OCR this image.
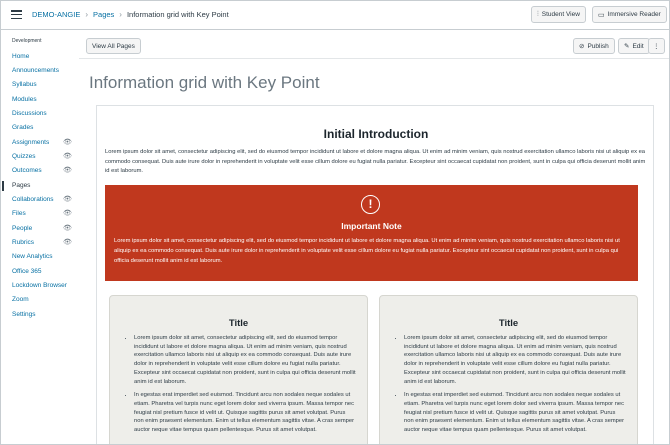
DEMO-ANGIE › Pages › Information grid with Key Point	⫶ Student View	▭ Immersive Reader
Development
Home
Announcements
Syllabus
Modules
Discussions
Grades
Assignments 👁
Quizzes	👁
Outcomes	👁
Pages
Collaborations 👁
Files	👁
People	👁
Rubrics	👁
New Analytics
Office 365
Lockdown Browser
Zoom
Settings
View All Pages	⊘ Publish ✎ Edit	⋮
Information grid with Key Point
Initial Introduction
Lorem ipsum dolor sit amet, consectetur adipiscing elit, sed do eiusmod tempor incididunt ut labore et dolore magna aliqua. Ut enim ad minim veniam, quis nostrud exercitation ullamco laboris nisi ut aliquip ex ea commodo consequat. Duis aute irure dolor in reprehenderit in voluptate velit esse cillum dolore eu fugiat nulla pariatur. Excepteur sint occaecat cupidatat non proident, sunt in culpa qui officia deserunt mollit anim id est laborum.
!
Important Note
Lorem ipsum dolor sit amet, consectetur adipiscing elit, sed do eiusmod tempor incididunt ut labore et dolore magna aliqua. Ut enim ad minim veniam, quis nostrud exercitation ullamco laboris nisi ut aliquip ex ea commodo consequat. Duis aute irure dolor in reprehenderit in voluptate velit esse cillum dolore eu fugiat nulla pariatur. Excepteur sint occaecat cupidatat non proident, sunt in culpa qui officia deserunt mollit anim id est laborum.
Title
• Lorem ipsum dolor sit amet, consectetur adipiscing elit, sed do eiusmod tempor incididunt ut labore et dolore magna aliqua. Ut enim ad minim veniam, quis nostrud exercitation ullamco laboris nisi ut aliquip ex ea commodo consequat. Duis aute irure dolor in reprehenderit in voluptate velit esse cillum dolore eu fugiat nulla pariatur. Excepteur sint occaecat cupidatat non proident, sunt in culpa qui officia deserunt mollit anim id est laborum.
• In egestas erat imperdiet sed euismod. Tincidunt arcu non sodales neque sodales ut etiam. Pharetra vel turpis nunc eget lorem dolor sed viverra ipsum. Massa tempor nec feugiat nisl pretium fusce id velit ut. Quisque sagittis purus sit amet volutpat. Purus non enim praesent elementum. Enim ut tellus elementum sagittis vitae. A cras semper auctor neque vitae tempus quam pellentesque. Purus sit amet volutpat.
Title
• Lorem ipsum dolor sit amet, consectetur adipiscing elit, sed do eiusmod tempor incididunt ut labore et dolore magna aliqua. Ut enim ad minim veniam, quis nostrud exercitation ullamco laboris nisi ut aliquip ex ea commodo consequat. Duis aute irure dolor in reprehenderit in voluptate velit esse cillum dolore eu fugiat nulla pariatur. Excepteur sint occaecat cupidatat non proident, sunt in culpa qui officia deserunt mollit anim id est laborum.
• In egestas erat imperdiet sed euismod. Tincidunt arcu non sodales neque sodales ut etiam. Pharetra vel turpis nunc eget lorem dolor sed viverra ipsum. Massa tempor nec feugiat nisl pretium fusce id velit ut. Quisque sagittis purus sit amet volutpat. Purus non enim praesent elementum. Enim ut tellus elementum sagittis vitae. A cras semper auctor neque vitae tempus quam pellentesque. Purus sit amet volutpat.
